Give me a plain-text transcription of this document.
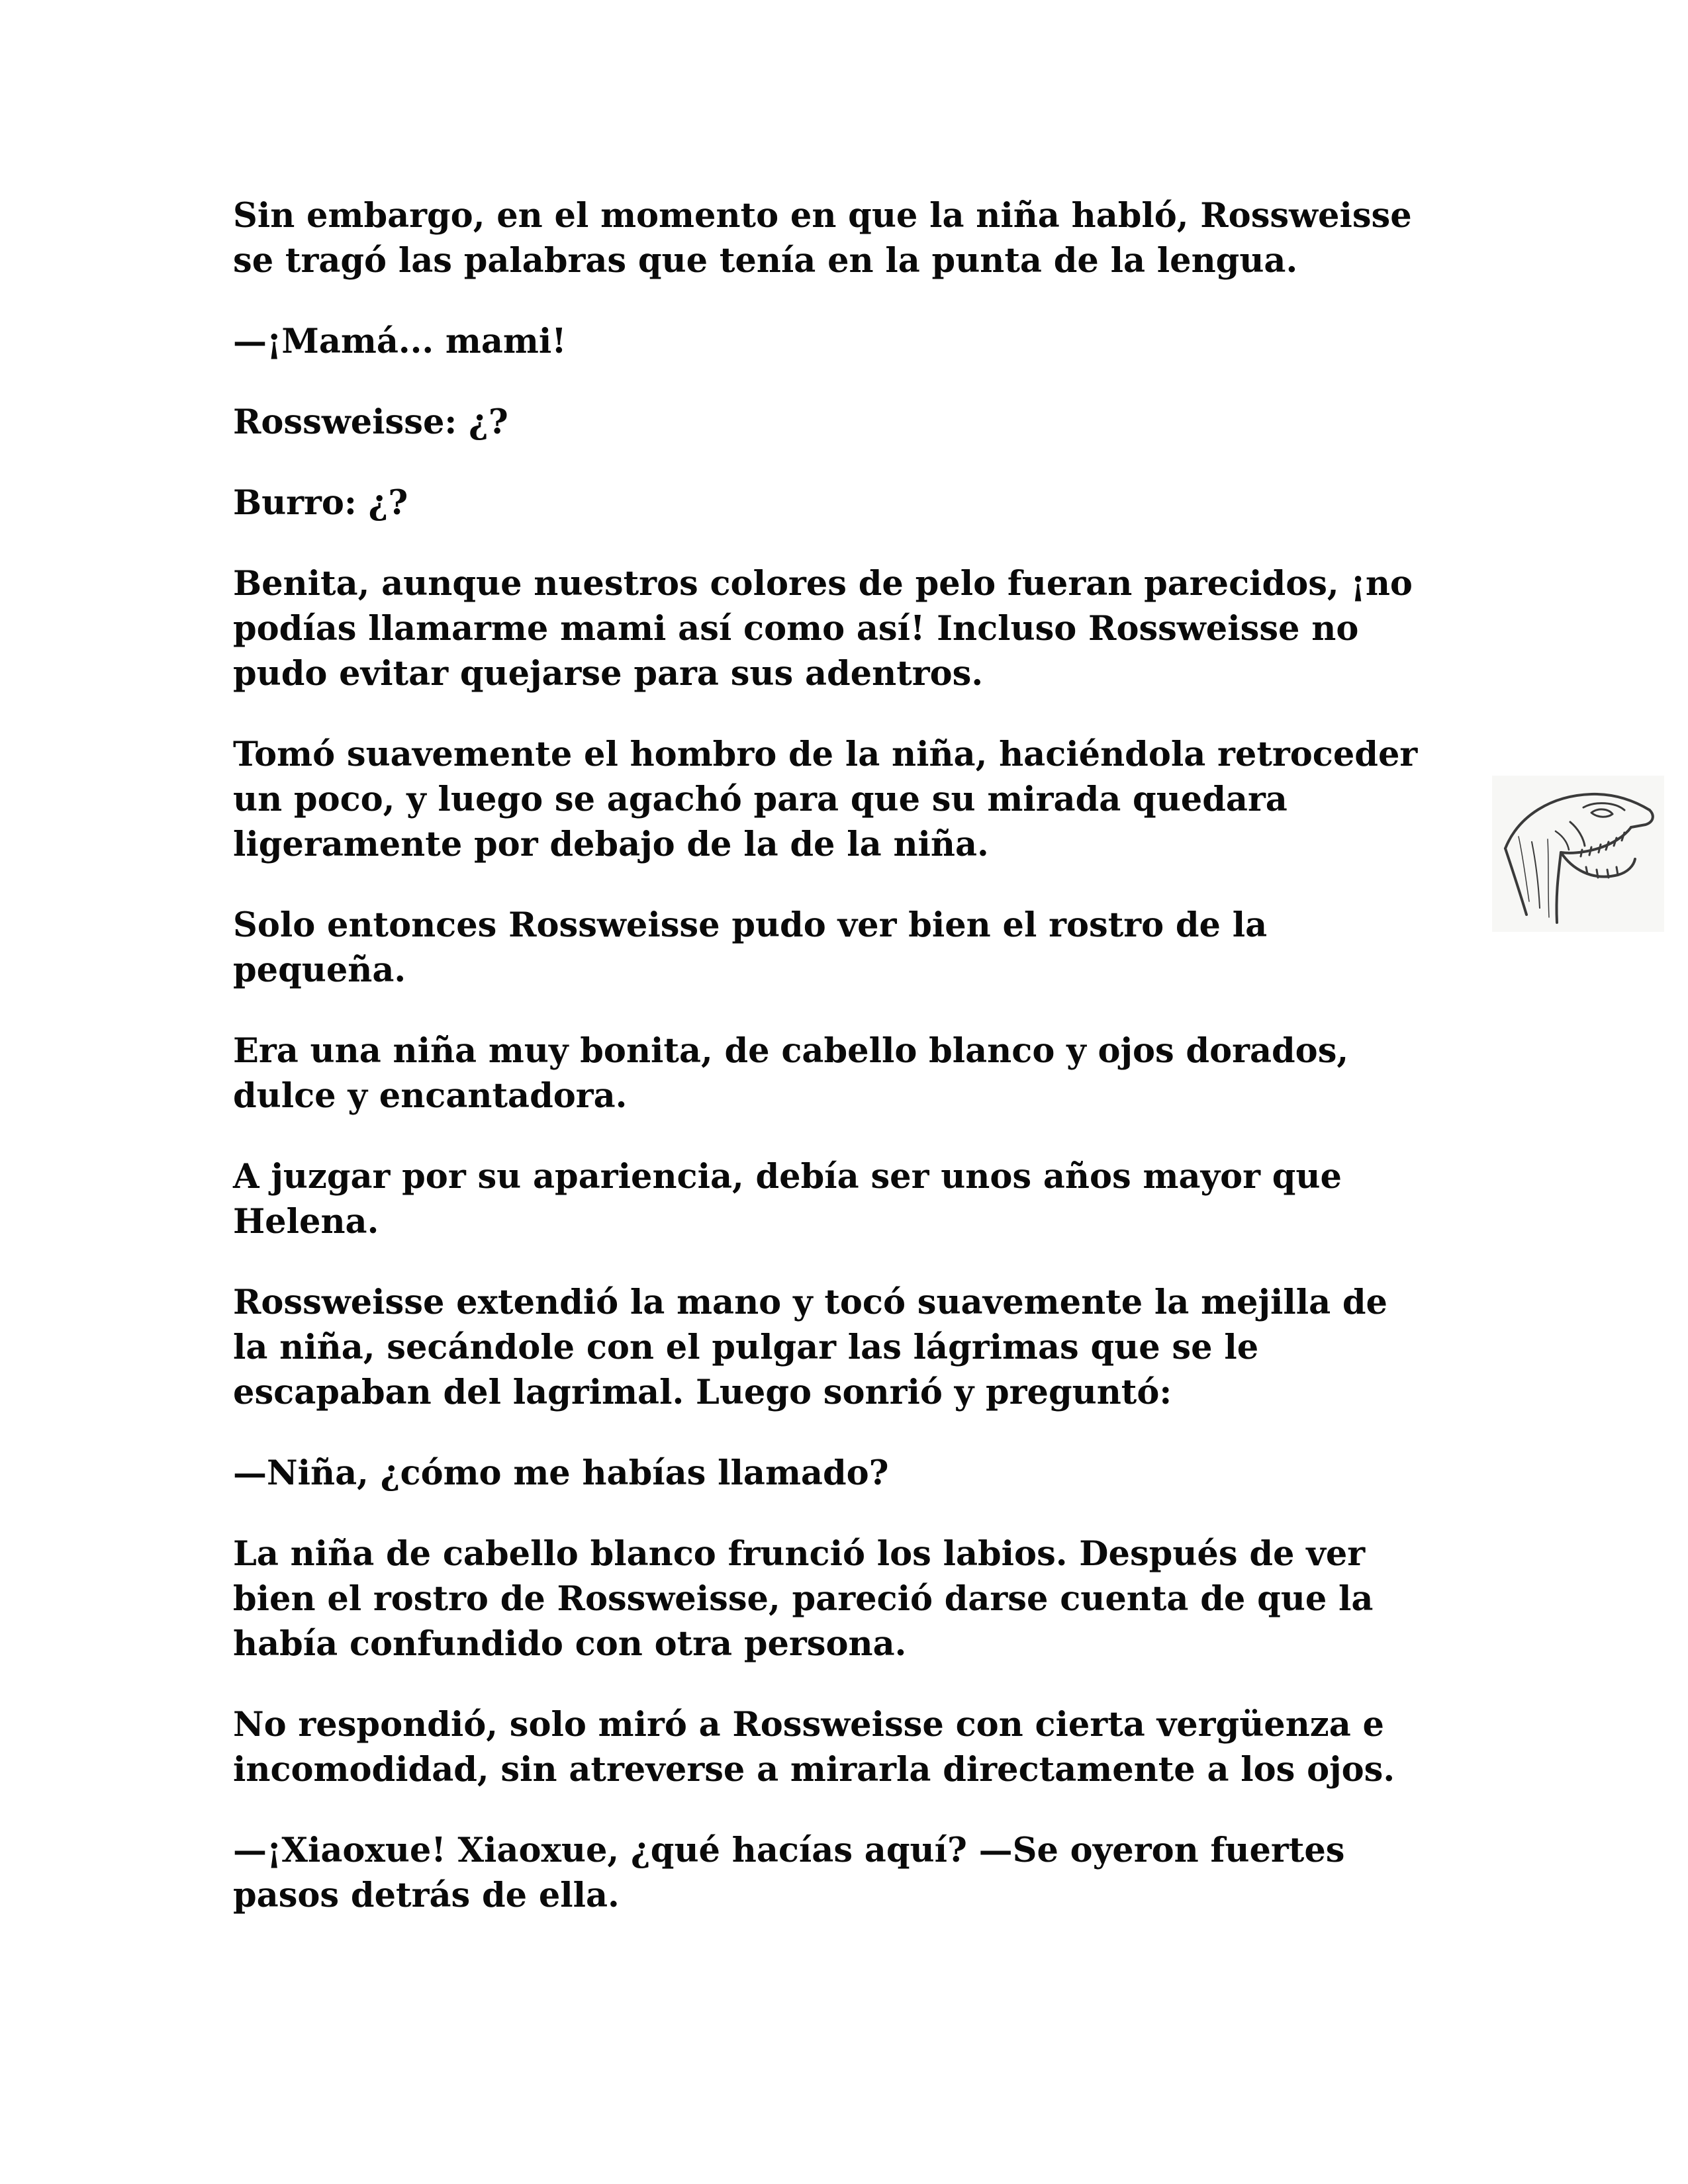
Sin embargo, en el momento en que la niña habló, Rossweisse
se tragó las palabras que tenía en la punta de la lengua.

—¡Mamá... mami!

Rossweisse: ¿?

Burro: ¿?

Benita, aunque nuestros colores de pelo fueran parecidos, ¡no
podías llamarme mami así como así! Incluso Rossweisse no
pudo evitar quejarse para sus adentros.

Tomó suavemente el hombro de la niña, haciéndola retroceder
un poco, y luego se agachó para que su mirada quedara
ligeramente por debajo de la de la niña.

Solo entonces Rossweisse pudo ver bien el rostro de la
pequeña.

Era una niña muy bonita, de cabello blanco y ojos dorados,
dulce y encantadora.

A juzgar por su apariencia, debía ser unos años mayor que
Helena.

Rossweisse extendió la mano y tocó suavemente la mejilla de
la niña, secándole con el pulgar las lágrimas que se le
escapaban del lagrimal. Luego sonrió y preguntó:

—Niña, ¿cómo me habías llamado?

La niña de cabello blanco frunció los labios. Después de ver
bien el rostro de Rossweisse, pareció darse cuenta de que la
había confundido con otra persona.

No respondió, solo miró a Rossweisse con cierta vergüenza e
incomodidad, sin atreverse a mirarla directamente a los ojos.

—¡Xiaoxue! Xiaoxue, ¿qué hacías aquí? —Se oyeron fuertes
pasos detrás de ella.
